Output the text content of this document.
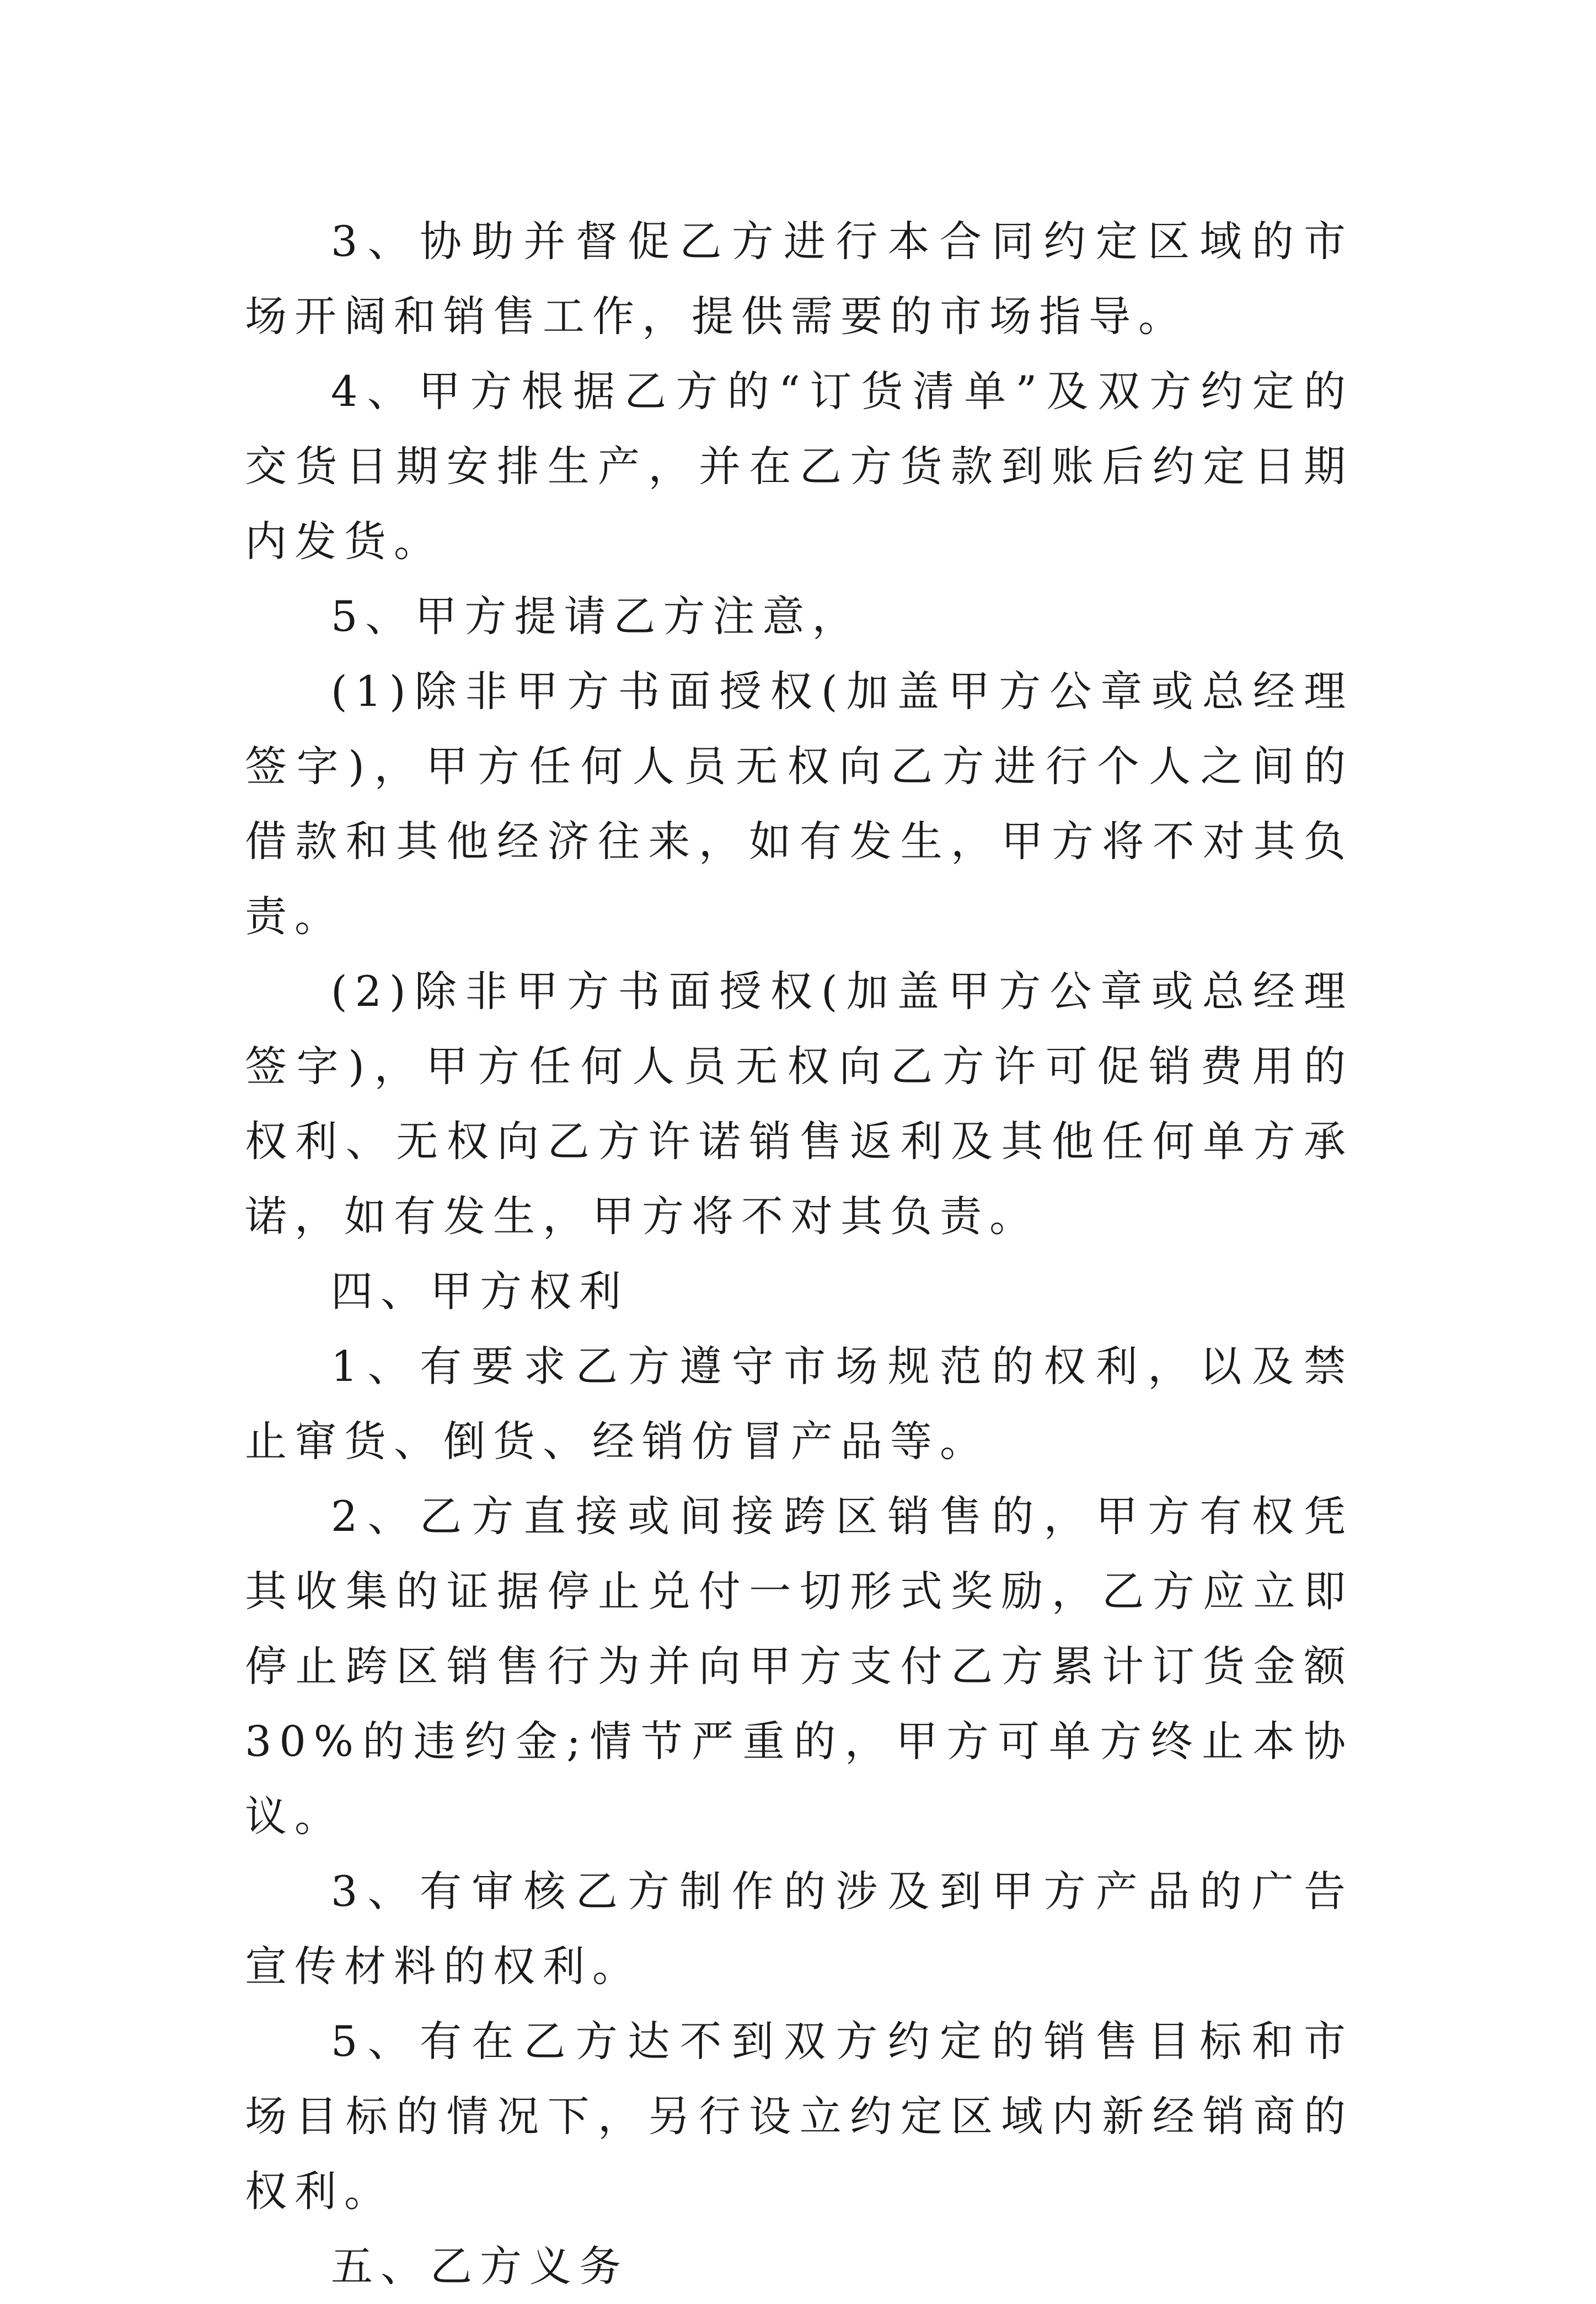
3、协助并督促乙方进行本合同约定区域的市场开阔和销售工作，提供需要的市场指导。

4、甲方根据乙方的“订货清单”及双方约定的交货日期安排生产，并在乙方货款到账后约定日期内发货。

5、甲方提请乙方注意，

(1)除非甲方书面授权(加盖甲方公章或总经理签字)，甲方任何人员无权向乙方进行个人之间的借款和其他经济往来，如有发生，甲方将不对其负责。

(2)除非甲方书面授权(加盖甲方公章或总经理签字)，甲方任何人员无权向乙方许可促销费用的权利、无权向乙方许诺销售返利及其他任何单方承诺，如有发生，甲方将不对其负责。

四、甲方权利

1、有要求乙方遵守市场规范的权利，以及禁止窜货、倒货、经销仿冒产品等。

2、乙方直接或间接跨区销售的，甲方有权凭其收集的证据停止兑付一切形式奖励，乙方应立即停止跨区销售行为并向甲方支付乙方累计订货金额30%的违约金;情节严重的，甲方可单方终止本协议。

3、有审核乙方制作的涉及到甲方产品的广告宣传材料的权利。

5、有在乙方达不到双方约定的销售目标和市场目标的情况下，另行设立约定区域内新经销商的权利。

五、乙方义务
